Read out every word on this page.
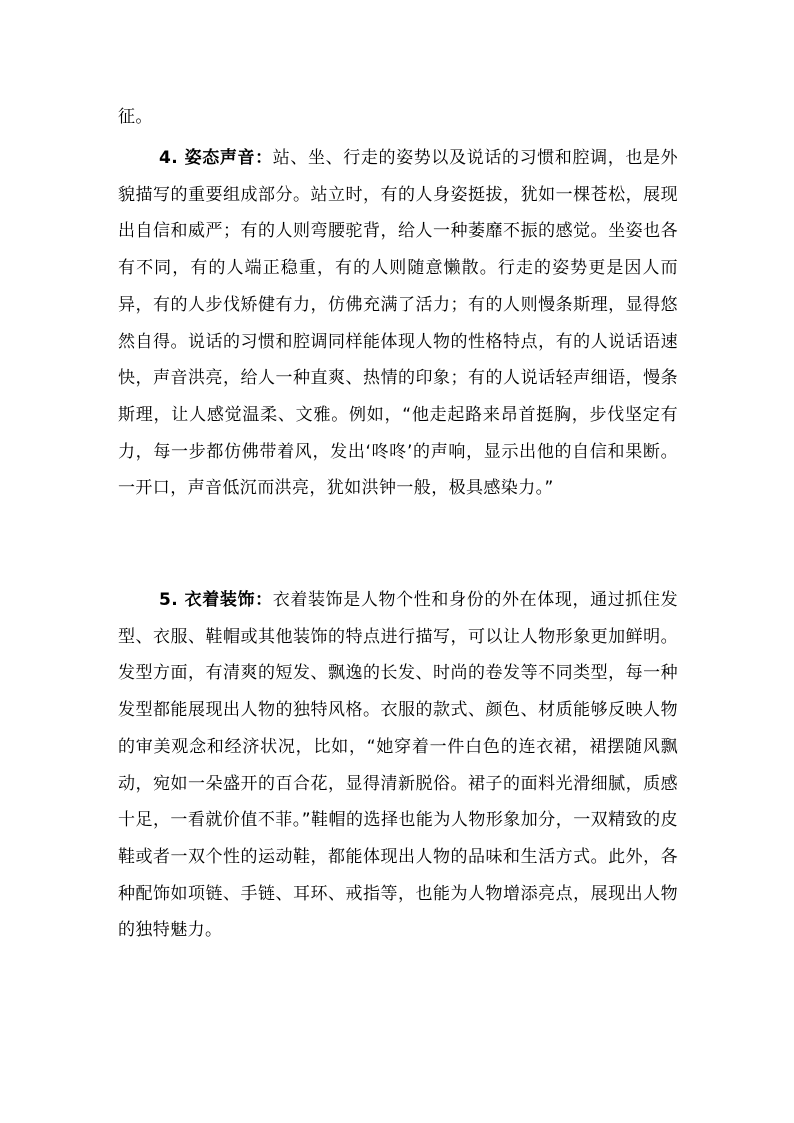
征。

4. 姿态声音：站、坐、行走的姿势以及说话的习惯和腔调，也是外貌描写的重要组成部分。站立时，有的人身姿挺拔，犹如一棵苍松，展现出自信和威严；有的人则弯腰驼背，给人一种萎靡不振的感觉。坐姿也各有不同，有的人端正稳重，有的人则随意懒散。行走的姿势更是因人而异，有的人步伐矫健有力，仿佛充满了活力；有的人则慢条斯理，显得悠然自得。说话的习惯和腔调同样能体现人物的性格特点，有的人说话语速快，声音洪亮，给人一种直爽、热情的印象；有的人说话轻声细语，慢条斯理，让人感觉温柔、文雅。例如，“他走起路来昂首挺胸，步伐坚定有力，每一步都仿佛带着风，发出‘咚咚’的声响，显示出他的自信和果断。一开口，声音低沉而洪亮，犹如洪钟一般，极具感染力。”

5. 衣着装饰：衣着装饰是人物个性和身份的外在体现，通过抓住发型、衣服、鞋帽或其他装饰的特点进行描写，可以让人物形象更加鲜明。发型方面，有清爽的短发、飘逸的长发、时尚的卷发等不同类型，每一种发型都能展现出人物的独特风格。衣服的款式、颜色、材质能够反映人物的审美观念和经济状况，比如，“她穿着一件白色的连衣裙，裙摆随风飘动，宛如一朵盛开的百合花，显得清新脱俗。裙子的面料光滑细腻，质感十足，一看就价值不菲。”鞋帽的选择也能为人物形象加分，一双精致的皮鞋或者一双个性的运动鞋，都能体现出人物的品味和生活方式。此外，各种配饰如项链、手链、耳环、戒指等，也能为人物增添亮点，展现出人物的独特魅力。
